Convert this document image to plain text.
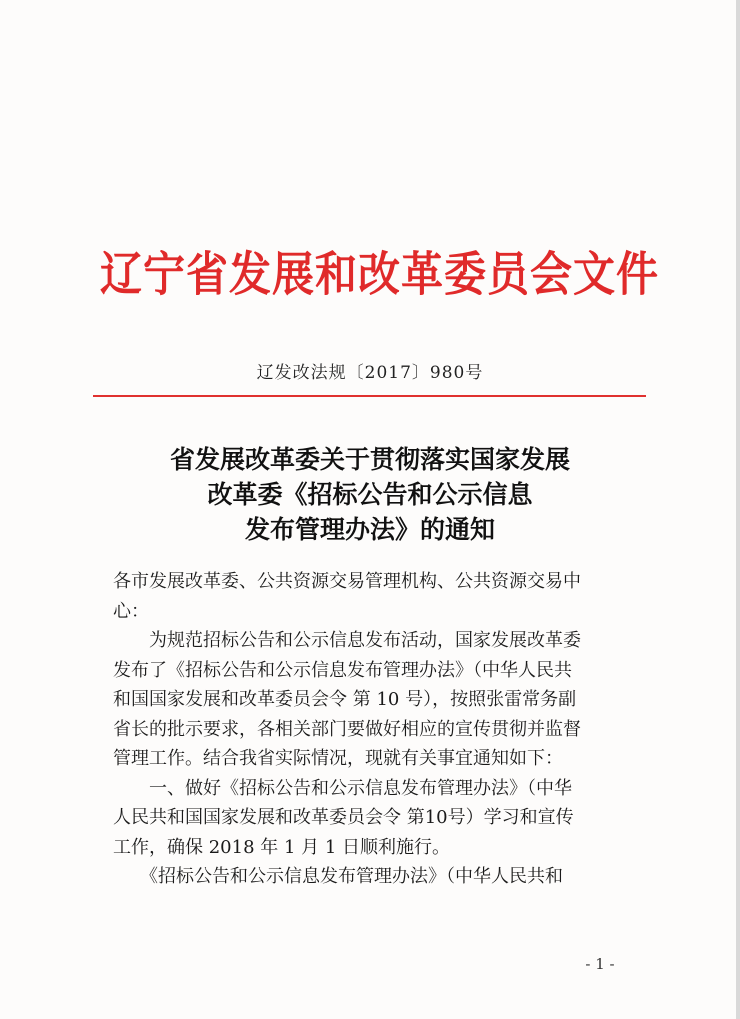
辽宁省发展和改革委员会文件
辽发改法规〔2017〕980号
省发展改革委关于贯彻落实国家发展
改革委《招标公告和公示信息
发布管理办法》的通知
各市发展改革委、公共资源交易管理机构、公共资源交易中
心：
　　为规范招标公告和公示信息发布活动，国家发展改革委
发布了《招标公告和公示信息发布管理办法》（中华人民共
和国国家发展和改革委员会令 第 10 号），按照张雷常务副
省长的批示要求，各相关部门要做好相应的宣传贯彻并监督
管理工作。结合我省实际情况，现就有关事宜通知如下：
　　一、做好《招标公告和公示信息发布管理办法》（中华
人民共和国国家发展和改革委员会令 第10号）学习和宣传
工作，确保 2018 年 1 月 1 日顺利施行。
　　《招标公告和公示信息发布管理办法》（中华人民共和
- 1 -
